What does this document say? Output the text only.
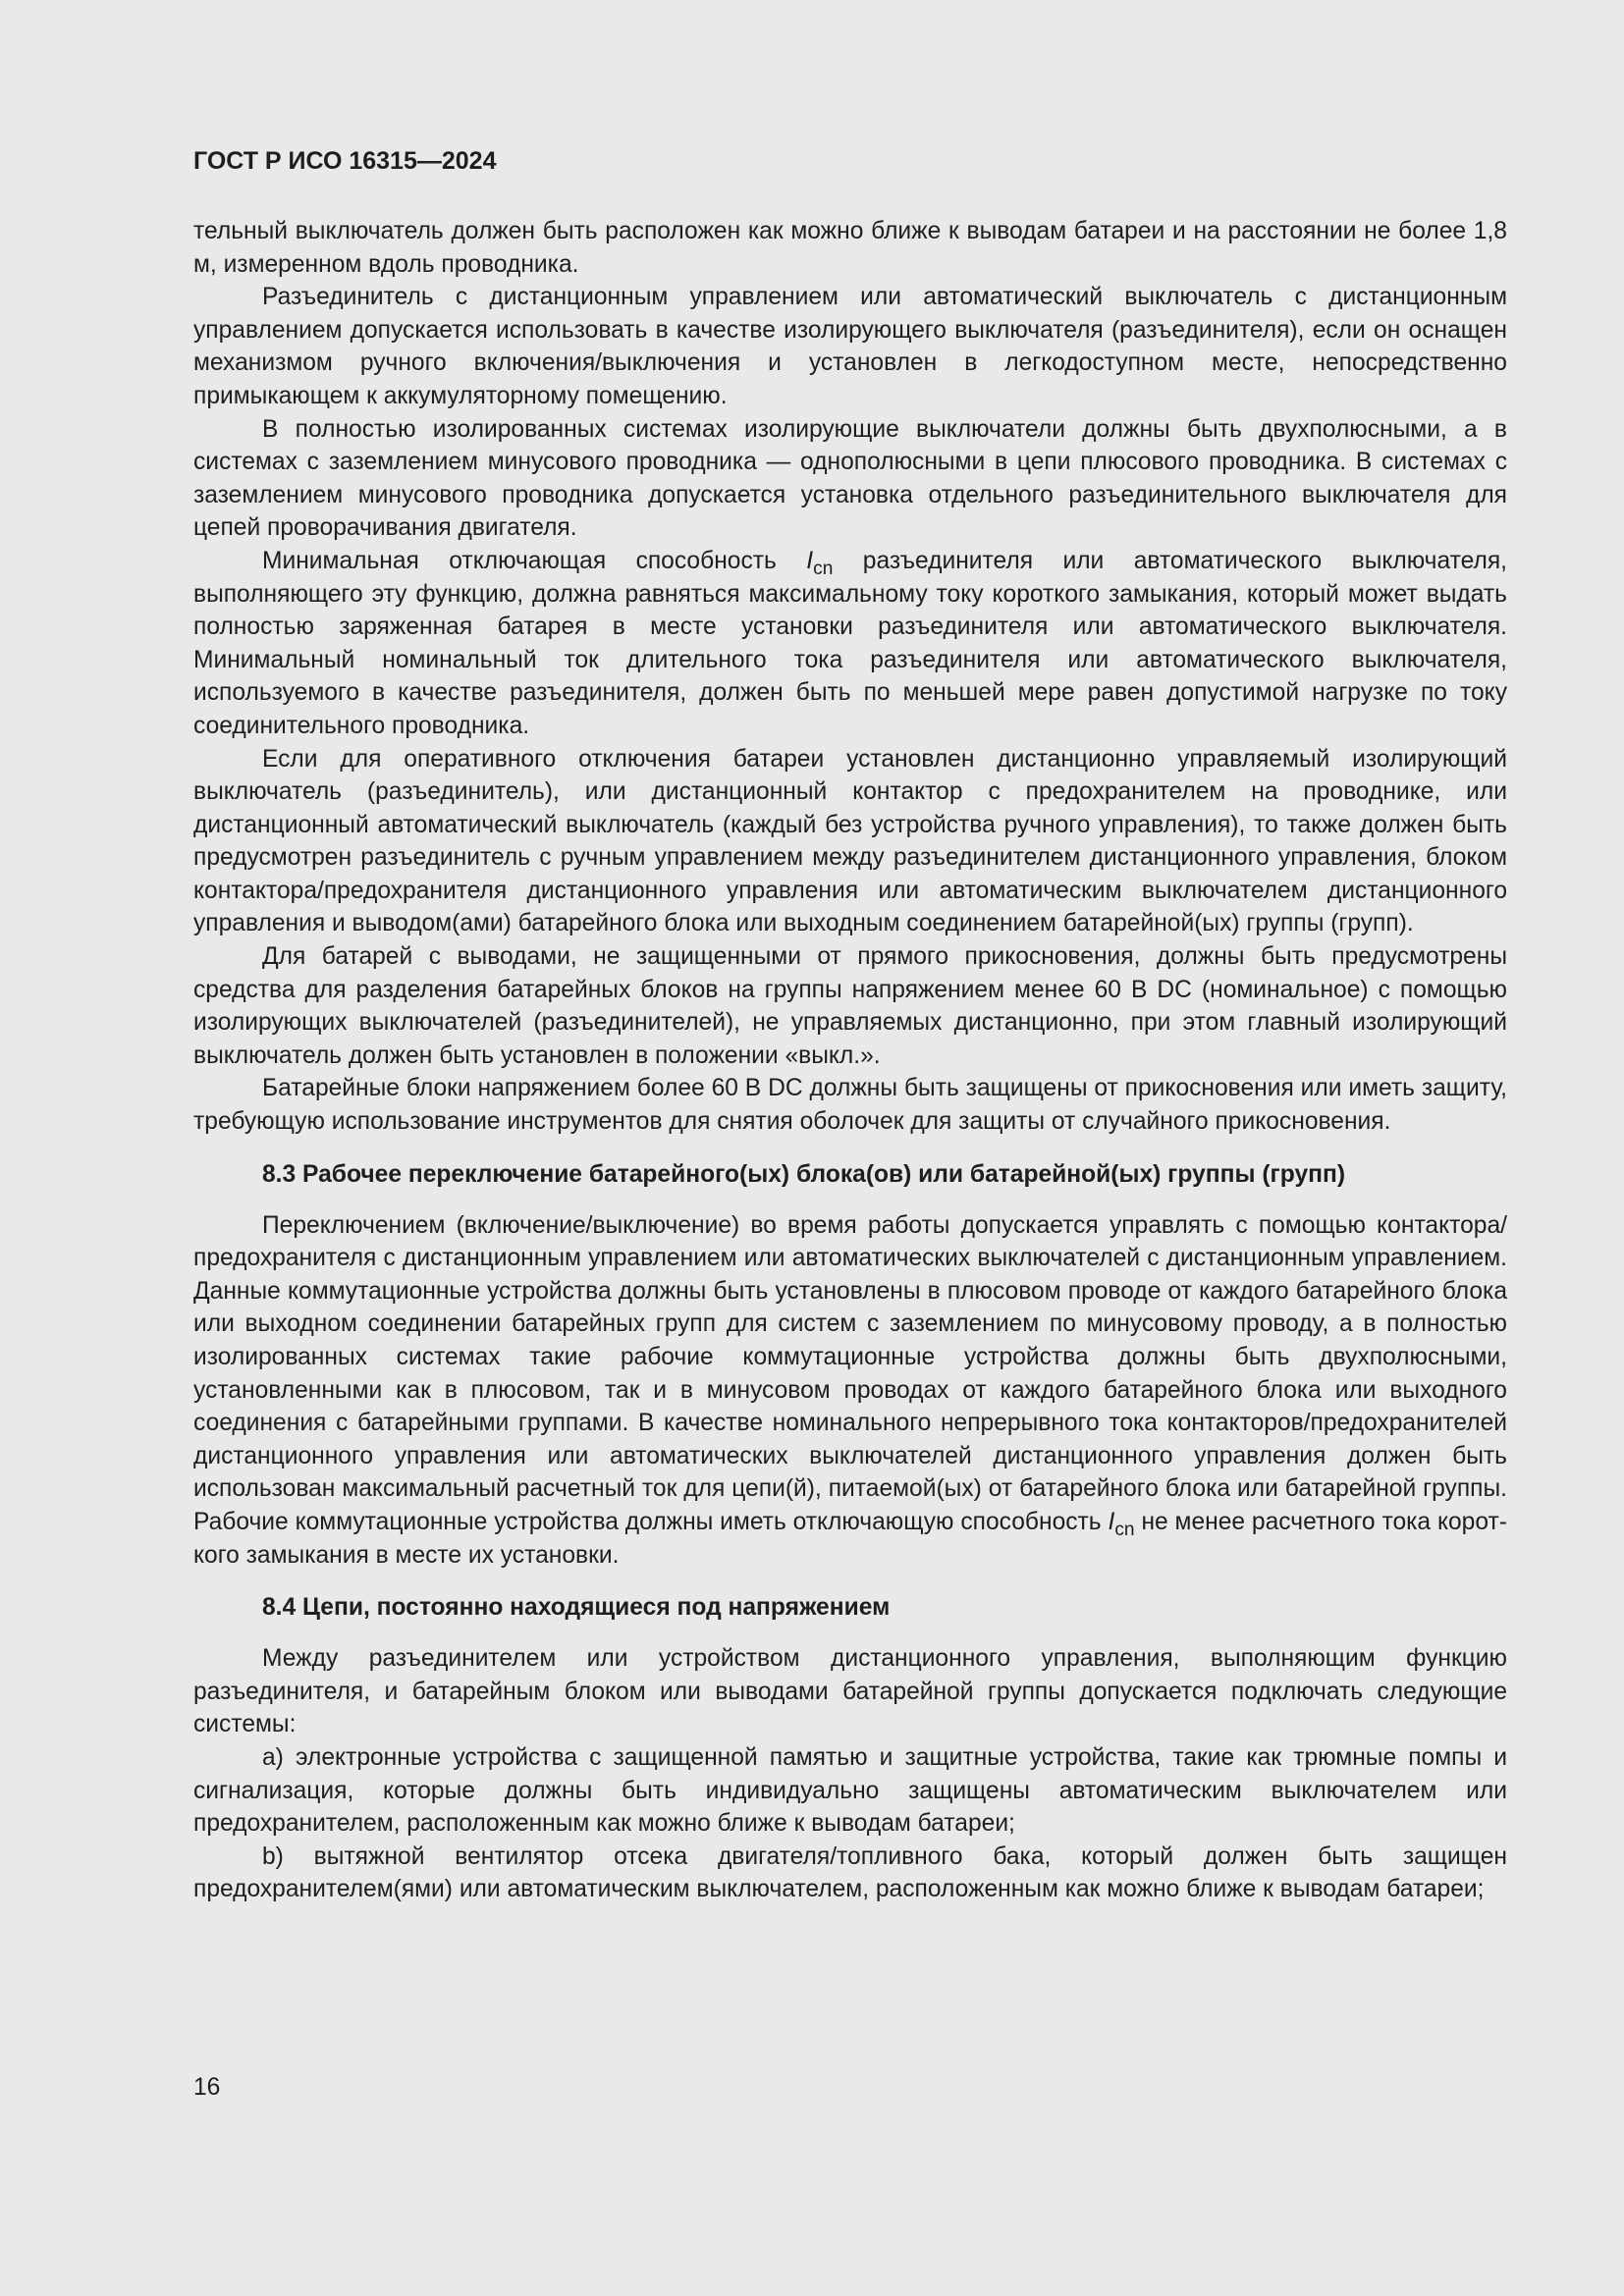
ГОСТ Р ИСО 16315—2024

тельный выключатель должен быть расположен как можно ближе к выводам батареи и на расстоянии не более 1,8 м, измеренном вдоль проводника.

Разъединитель с дистанционным управлением или автоматический выключатель с дистанционным управлением допускается использовать в качестве изолирующего выключателя (разъединителя), если он оснащен механизмом ручного включения/выключения и установлен в легкодоступном месте, непосредственно примыкающем к аккумуляторному помещению.

В полностью изолированных системах изолирующие выключатели должны быть двухполюсными, а в системах с заземлением минусового проводника — однополюсными в цепи плюсового проводника. В системах с заземлением минусового проводника допускается установка отдельного разъединительного выключателя для цепей проворачивания двигателя.

Минимальная отключающая способность $I_{cn}$ разъединителя или автоматического выключателя, выполняющего эту функцию, должна равняться максимальному току короткого замыкания, который может выдать полностью заряженная батарея в месте установки разъединителя или автоматического выключателя. Минимальный номинальный ток длительного тока разъединителя или автоматического выключателя, используемого в качестве разъединителя, должен быть по меньшей мере равен допустимой нагрузке по току соединительного проводника.

Если для оперативного отключения батареи установлен дистанционно управляемый изолирующий выключатель (разъединитель), или дистанционный контактор с предохранителем на проводнике, или дистанционный автоматический выключатель (каждый без устройства ручного управления), то также должен быть предусмотрен разъединитель с ручным управлением между разъединителем дистанционного управления, блоком контактора/предохранителя дистанционного управления или автоматическим выключателем дистанционного управления и выводом(ами) батарейного блока или выходным соединением батарейной(ых) группы (групп).

Для батарей с выводами, не защищенными от прямого прикосновения, должны быть предусмотрены средства для разделения батарейных блоков на группы напряжением менее 60 В DC (номинальное) с помощью изолирующих выключателей (разъединителей), не управляемых дистанционно, при этом главный изолирующий выключатель должен быть установлен в положении «выкл.».

Батарейные блоки напряжением более 60 В DC должны быть защищены от прикосновения или иметь защиту, требующую использование инструментов для снятия оболочек для защиты от случайного прикосновения.

8.3 Рабочее переключение батарейного(ых) блока(ов) или батарейной(ых) группы (групп)

Переключением (включение/выключение) во время работы допускается управлять с помощью контактора/предохранителя с дистанционным управлением или автоматических выключателей с дистанционным управлением. Данные коммутационные устройства должны быть установлены в плюсовом проводе от каждого батарейного блока или выходном соединении батарейных групп для систем с заземлением по минусовому проводу, а в полностью изолированных системах такие рабочие коммутационные устройства должны быть двухполюсными, установленными как в плюсовом, так и в минусовом проводах от каждого батарейного блока или выходного соединения с батарейными группами. В качестве номинального непрерывного тока контакторов/предохранителей дистанционного управления или автоматических выключателей дистанционного управления должен быть использован максимальный расчетный ток для цепи(й), питаемой(ых) от батарейного блока или батарейной группы. Рабочие коммутационные устройства должны иметь отключающую способность $I_{cn}$ не менее расчетного тока короткого замыкания в месте их установки.

8.4 Цепи, постоянно находящиеся под напряжением

Между разъединителем или устройством дистанционного управления, выполняющим функцию разъединителя, и батарейным блоком или выводами батарейной группы допускается подключать следующие системы:

a) электронные устройства с защищенной памятью и защитные устройства, такие как трюмные помпы и сигнализация, которые должны быть индивидуально защищены автоматическим выключателем или предохранителем, расположенным как можно ближе к выводам батареи;

b) вытяжной вентилятор отсека двигателя/топливного бака, который должен быть защищен предохранителем(ями) или автоматическим выключателем, расположенным как можно ближе к выводам батареи;

16
